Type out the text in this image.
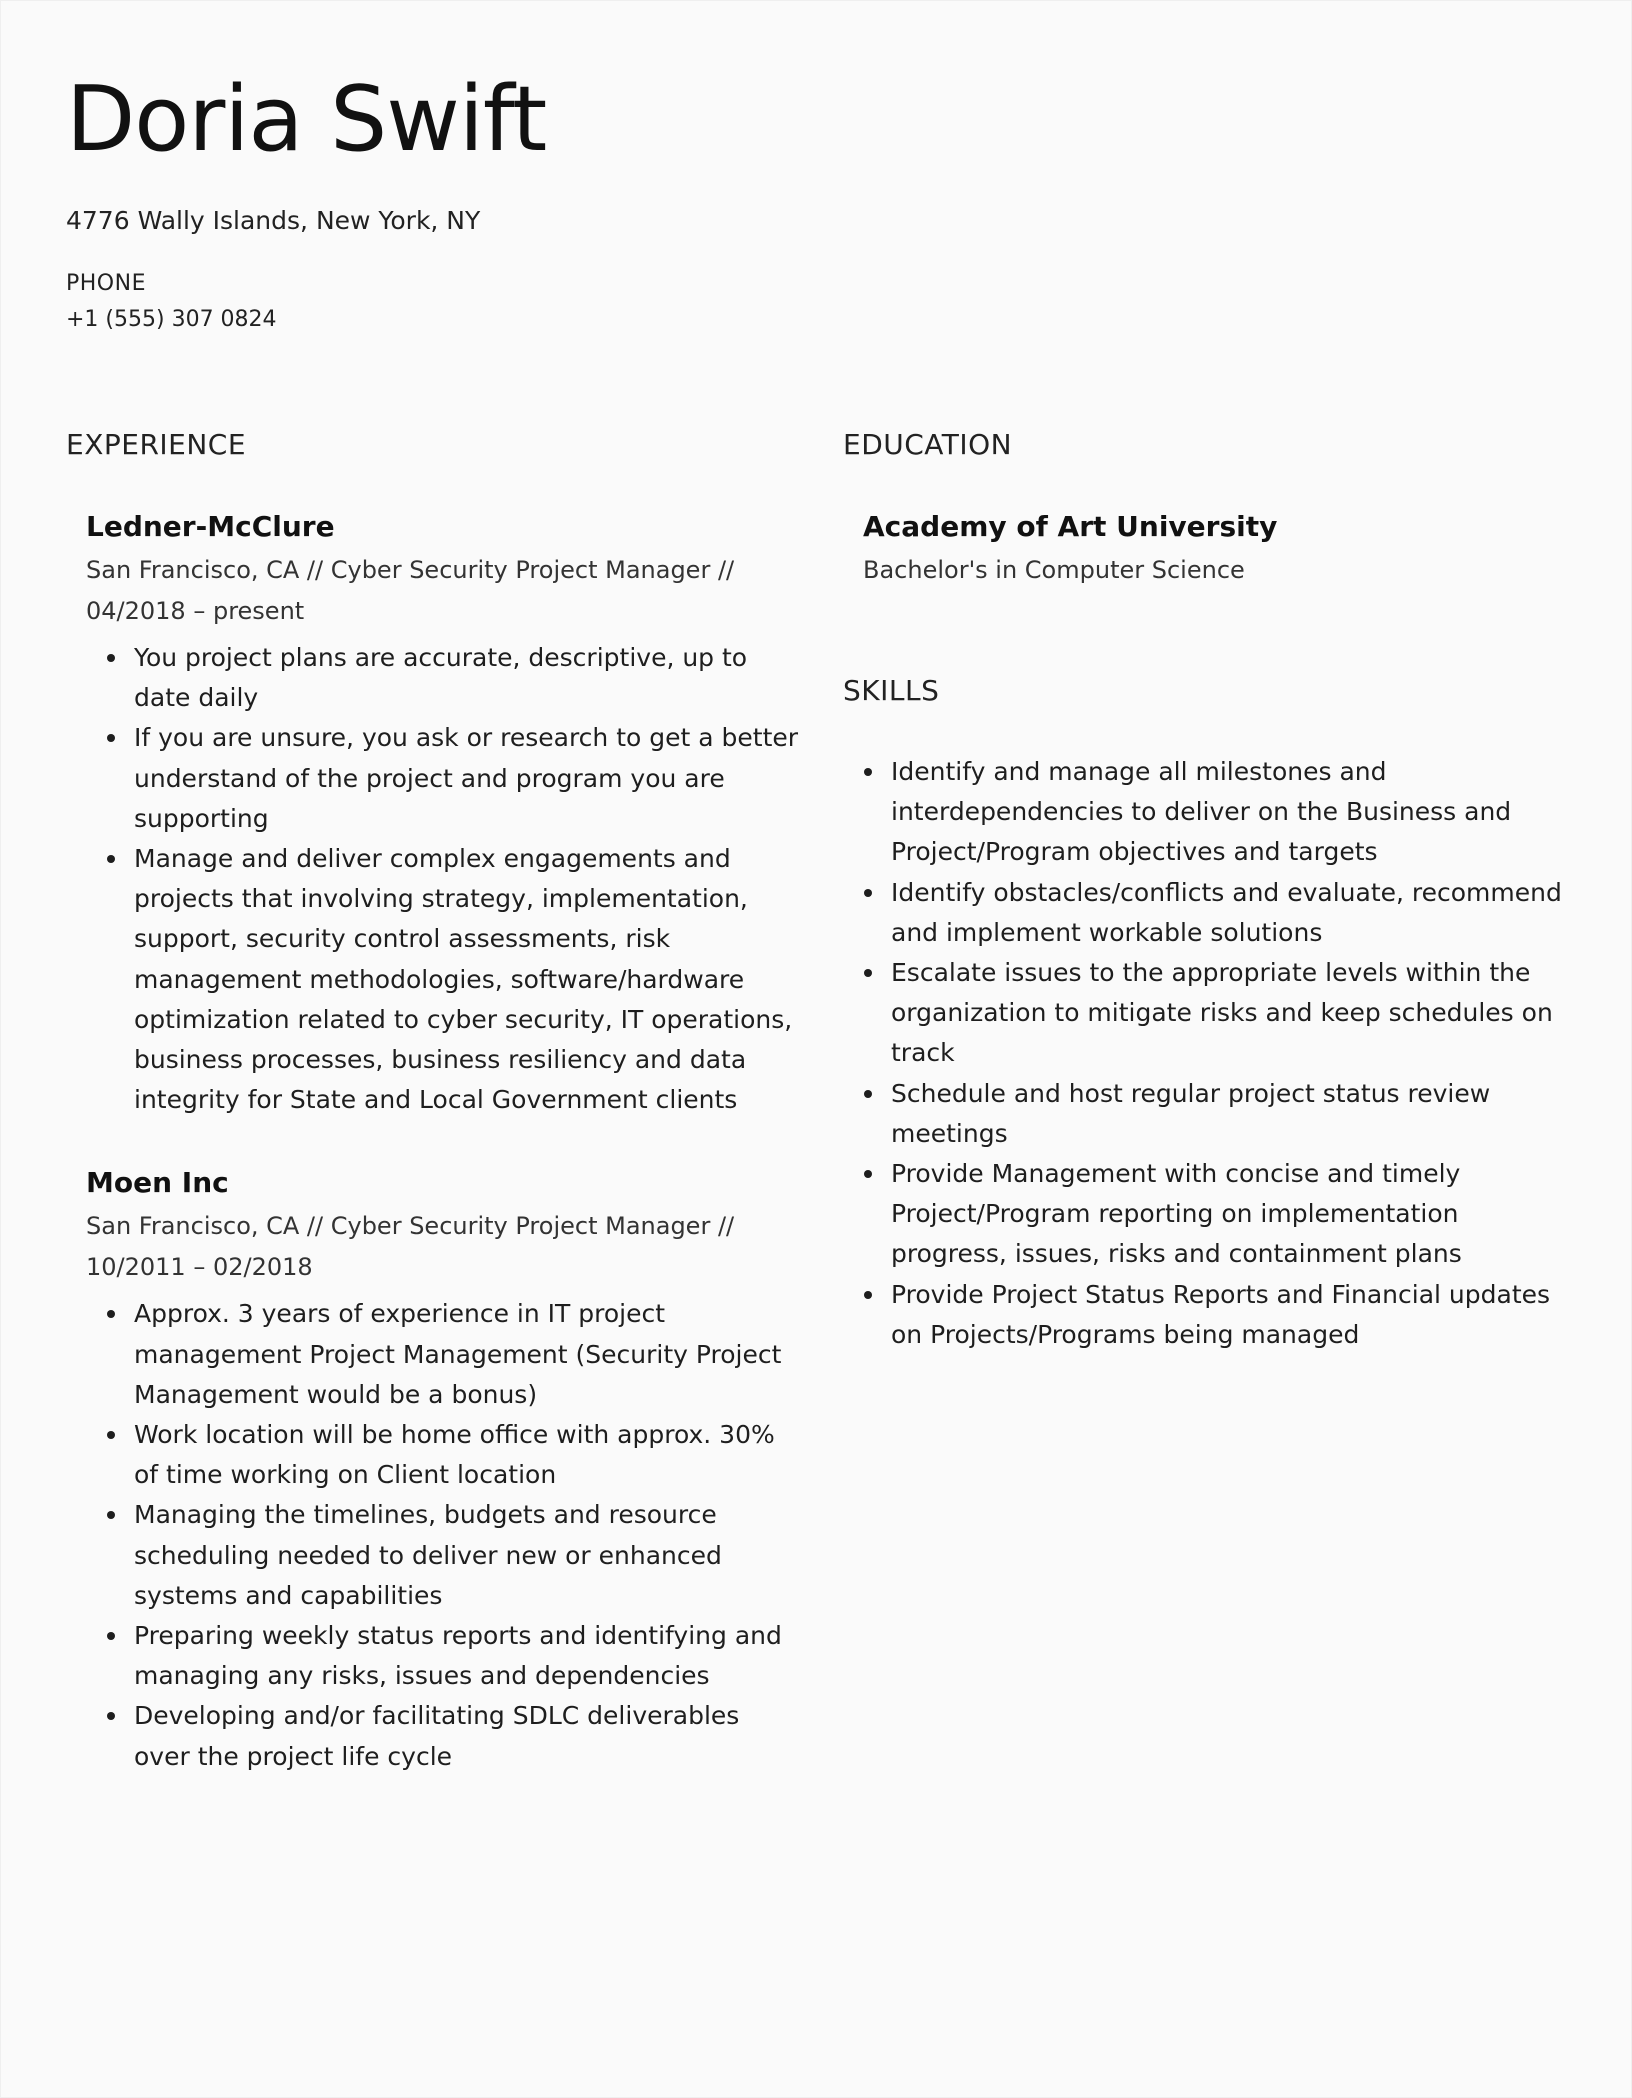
Doria Swift
4776 Wally Islands, New York, NY
PHONE
+1 (555) 307 0824
EXPERIENCE
Ledner-McClure

San Francisco, CA // Cyber Security Project Manager // 04/2018 – present

You project plans are accurate, descriptive, up to date daily
If you are unsure, you ask or research to get a better understand of the project and program you are supporting
Manage and deliver complex engagements and projects that involving strategy, implementation, support, security control assessments, risk management methodologies, software/hardware optimization related to cyber security, IT operations, business processes, business resiliency and data integrity for State and Local Government clients
Moen Inc

San Francisco, CA // Cyber Security Project Manager // 10/2011 – 02/2018

Approx. 3 years of experience in IT project management Project Management (Security Project Management would be a bonus)
Work location will be home office with approx. 30% of time working on Client location
Managing the timelines, budgets and resource scheduling needed to deliver new or enhanced systems and capabilities
Preparing weekly status reports and identifying and managing any risks, issues and dependencies
Developing and/or facilitating SDLC deliverables over the project life cycle
EDUCATION
Academy of Art University

Bachelor's in Computer Science

SKILLS
Identify and manage all milestones and interdependencies to deliver on the Business and Project/Program objectives and targets
Identify obstacles/conflicts and evaluate, recommend and implement workable solutions
Escalate issues to the appropriate levels within the organization to mitigate risks and keep schedules on track
Schedule and host regular project status review meetings
Provide Management with concise and timely Project/Program reporting on implementation progress, issues, risks and containment plans
Provide Project Status Reports and Financial updates on Projects/Programs being managed
